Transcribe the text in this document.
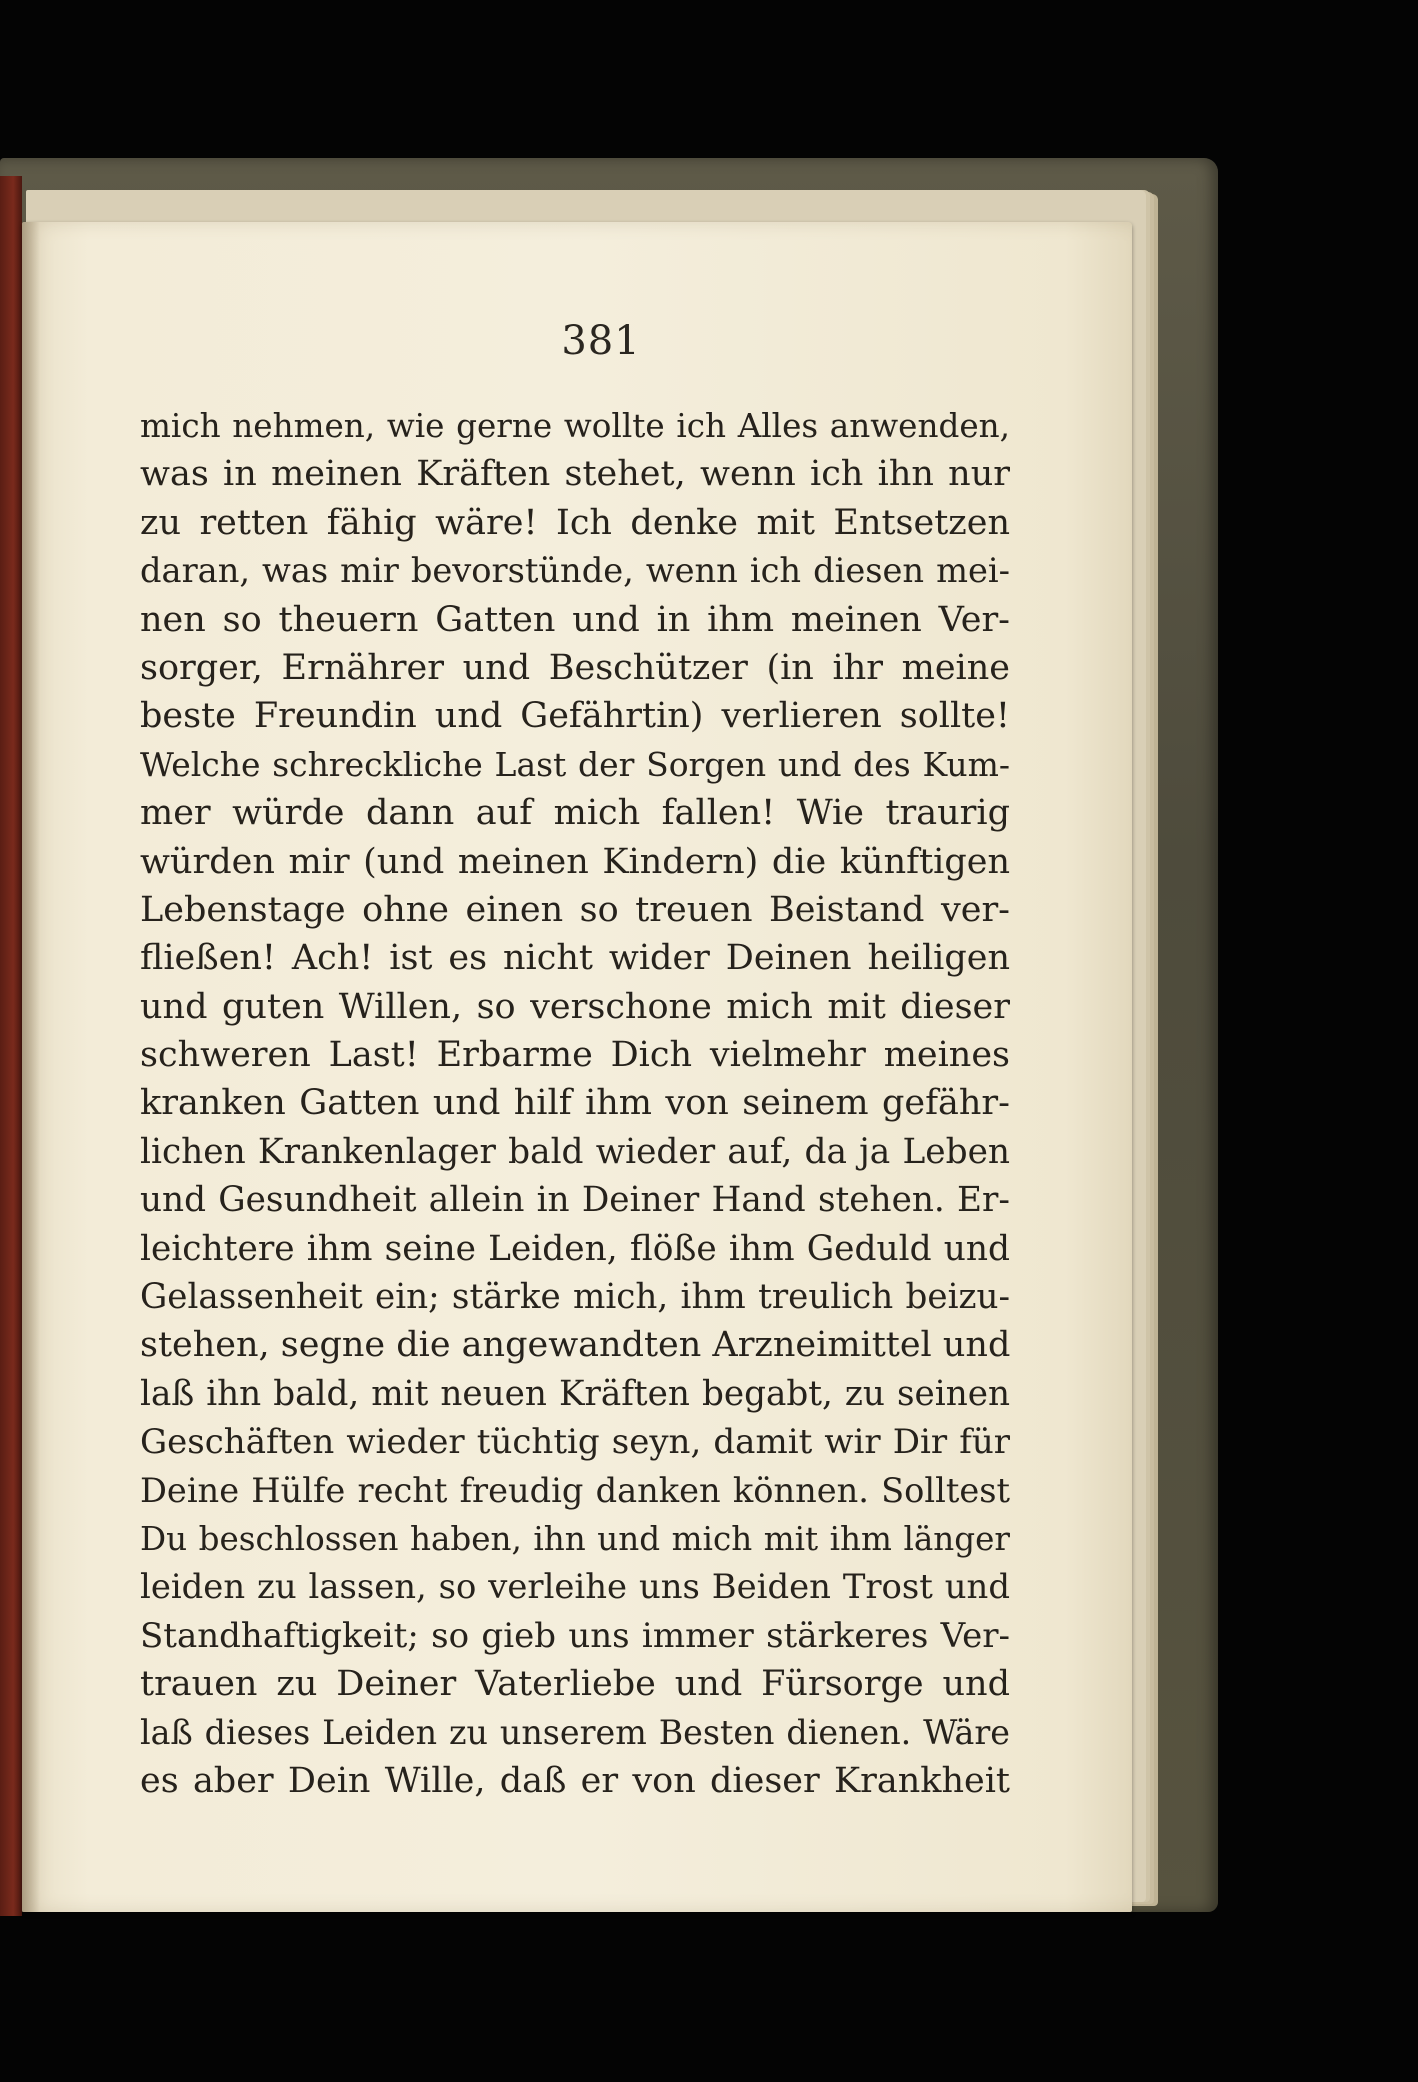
381
mich nehmen, wie gerne wollte ich Alles anwenden,
was in meinen Kräften stehet, wenn ich ihn nur
zu retten fähig wäre! Ich denke mit Entsetzen
daran, was mir bevorstünde, wenn ich diesen mei-
nen so theuern Gatten und in ihm meinen Ver-
sorger, Ernährer und Beschützer (in ihr meine
beste Freundin und Gefährtin) verlieren sollte!
Welche schreckliche Last der Sorgen und des Kum-
mer würde dann auf mich fallen! Wie traurig
würden mir (und meinen Kindern) die künftigen
Lebenstage ohne einen so treuen Beistand ver-
fließen! Ach! ist es nicht wider Deinen heiligen
und guten Willen, so verschone mich mit dieser
schweren Last! Erbarme Dich vielmehr meines
kranken Gatten und hilf ihm von seinem gefähr-
lichen Krankenlager bald wieder auf, da ja Leben
und Gesundheit allein in Deiner Hand stehen. Er-
leichtere ihm seine Leiden, flöße ihm Geduld und
Gelassenheit ein; stärke mich, ihm treulich beizu-
stehen, segne die angewandten Arzneimittel und
laß ihn bald, mit neuen Kräften begabt, zu seinen
Geschäften wieder tüchtig seyn, damit wir Dir für
Deine Hülfe recht freudig danken können. Solltest
Du beschlossen haben, ihn und mich mit ihm länger
leiden zu lassen, so verleihe uns Beiden Trost und
Standhaftigkeit; so gieb uns immer stärkeres Ver-
trauen zu Deiner Vaterliebe und Fürsorge und
laß dieses Leiden zu unserem Besten dienen. Wäre
es aber Dein Wille, daß er von dieser Krankheit
